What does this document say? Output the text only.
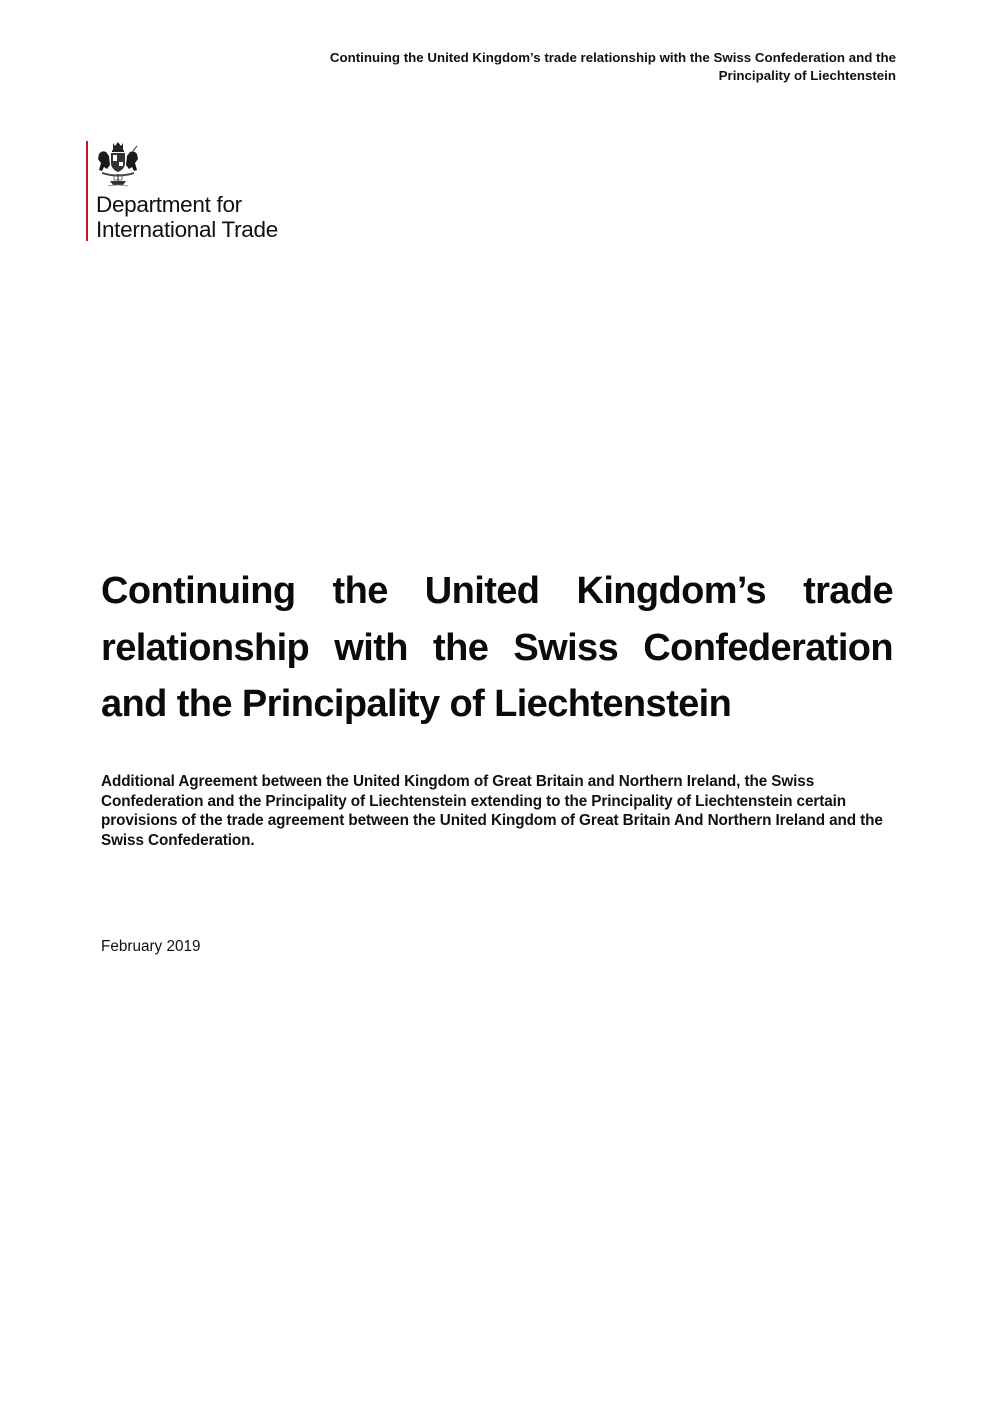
Continuing the United Kingdom’s trade relationship with the Swiss Confederation and the
Principality of Liechtenstein
Department for
International Trade
Continuing the United Kingdom’s trade relationship with the Swiss Confederation and the Principality of Liechtenstein

Additional Agreement between the United Kingdom of Great Britain and Northern Ireland, the Swiss Confederation and the Principality of Liechtenstein extending to the Principality of Liechtenstein certain provisions of the trade agreement between the United Kingdom of Great Britain And Northern Ireland and the Swiss Confederation.

February 2019
